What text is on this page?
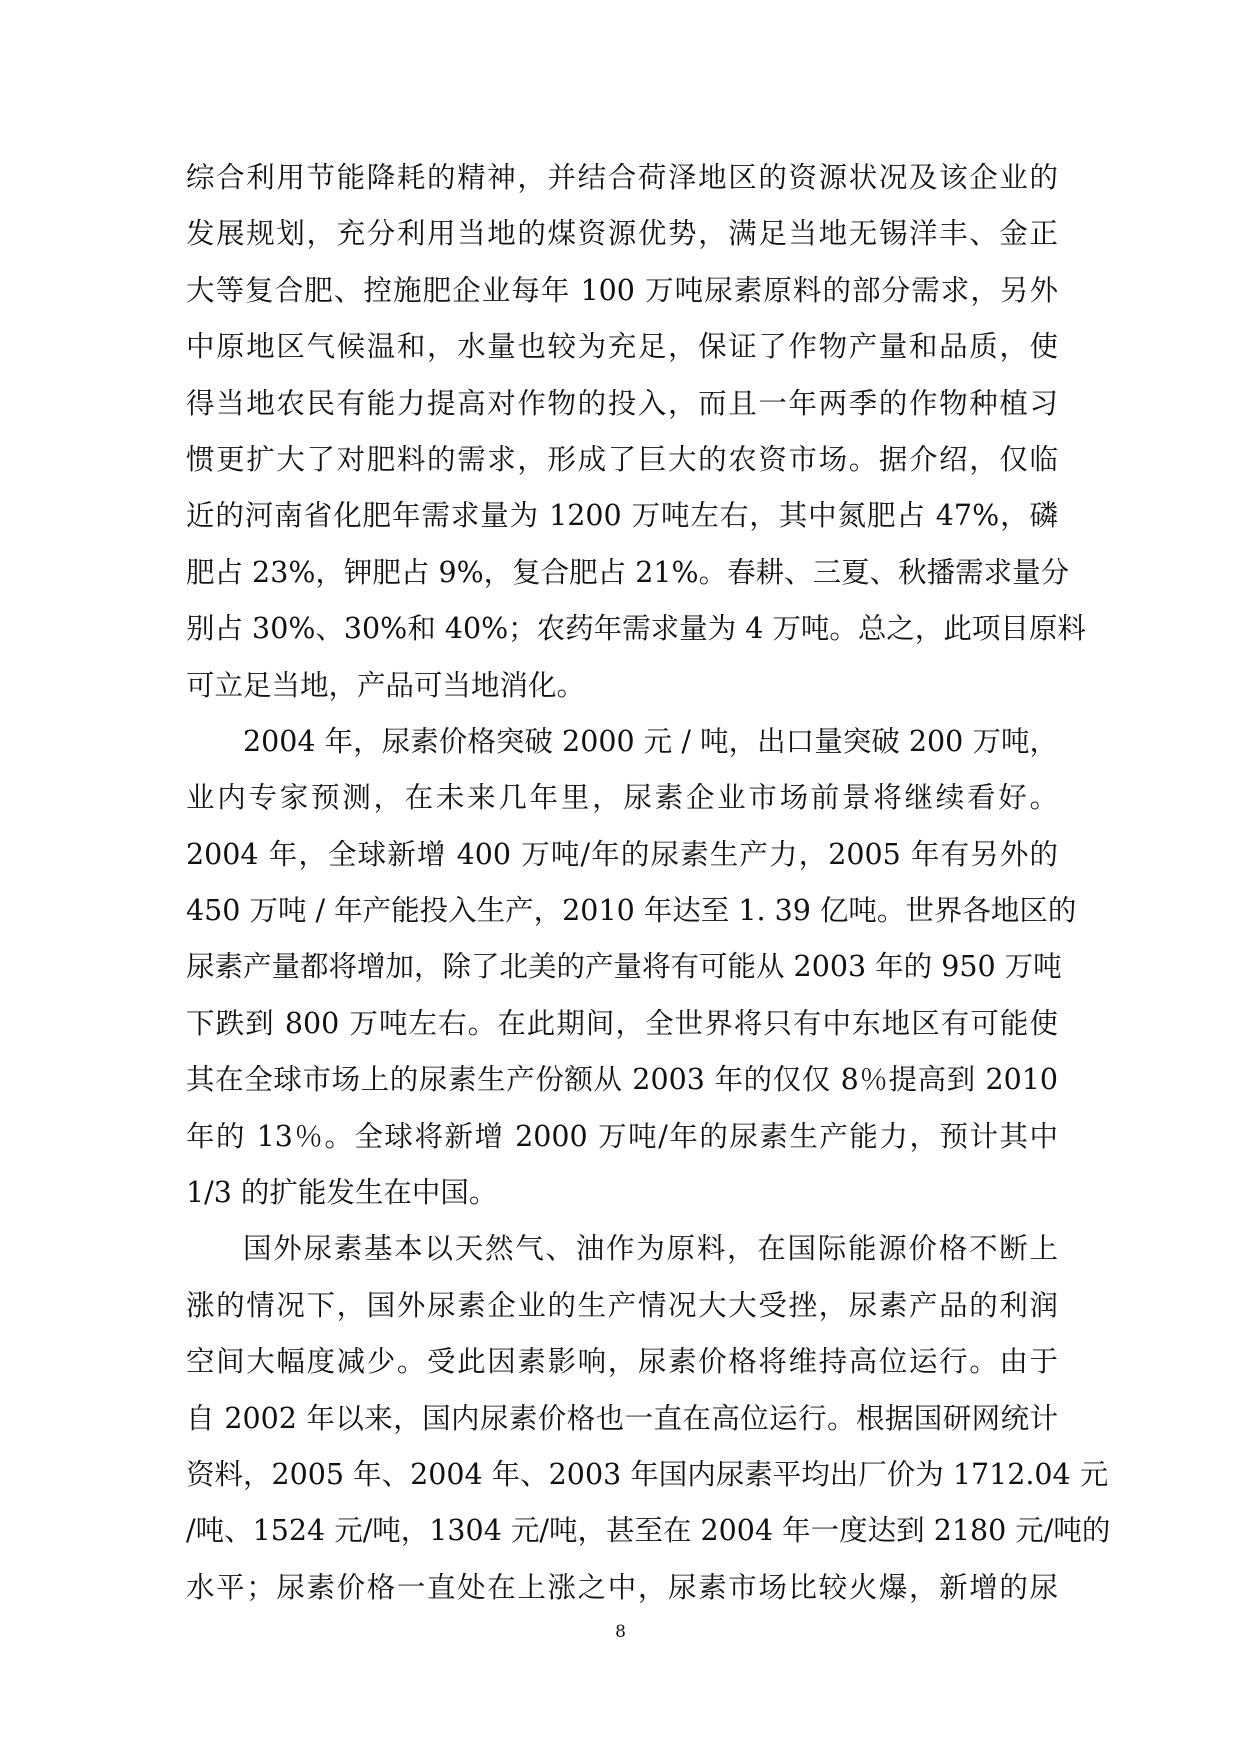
综合利用节能降耗的精神，并结合荷泽地区的资源状况及该企业的
发展规划，充分利用当地的煤资源优势，满足当地无锡洋丰、金正
大等复合肥、控施肥企业每年 100 万吨尿素原料的部分需求，另外
中原地区气候温和，水量也较为充足，保证了作物产量和品质，使
得当地农民有能力提高对作物的投入，而且一年两季的作物种植习
惯更扩大了对肥料的需求，形成了巨大的农资市场。据介绍，仅临
近的河南省化肥年需求量为 1200 万吨左右，其中氮肥占 47%，磷
肥占 23%，钾肥占 9%，复合肥占 21%。春耕、三夏、秋播需求量分
别占 30%、30%和 40%；农药年需求量为 4 万吨。总之，此项目原料
可立足当地，产品可当地消化。
2004 年，尿素价格突破 2000 元 / 吨，出口量突破 200 万吨，
业内专家预测，在未来几年里，尿素企业市场前景将继续看好。
2004 年，全球新增 400 万吨/年的尿素生产力，2005 年有另外的
450 万吨 / 年产能投入生产，2010 年达至 1. 39 亿吨。世界各地区的
尿素产量都将增加，除了北美的产量将有可能从 2003 年的 950 万吨
下跌到 800 万吨左右。在此期间，全世界将只有中东地区有可能使
其在全球市场上的尿素生产份额从 2003 年的仅仅 8％提高到 2010
年的 13％。全球将新增 2000 万吨/年的尿素生产能力，预计其中
1/3 的扩能发生在中国。
国外尿素基本以天然气、油作为原料，在国际能源价格不断上
涨的情况下，国外尿素企业的生产情况大大受挫，尿素产品的利润
空间大幅度减少。受此因素影响，尿素价格将维持高位运行。由于
自 2002 年以来，国内尿素价格也一直在高位运行。根据国研网统计
资料，2005 年、2004 年、2003 年国内尿素平均出厂价为 1712.04 元
/吨、1524 元/吨，1304 元/吨，甚至在 2004 年一度达到 2180 元/吨的
水平；尿素价格一直处在上涨之中，尿素市场比较火爆，新增的尿
8
